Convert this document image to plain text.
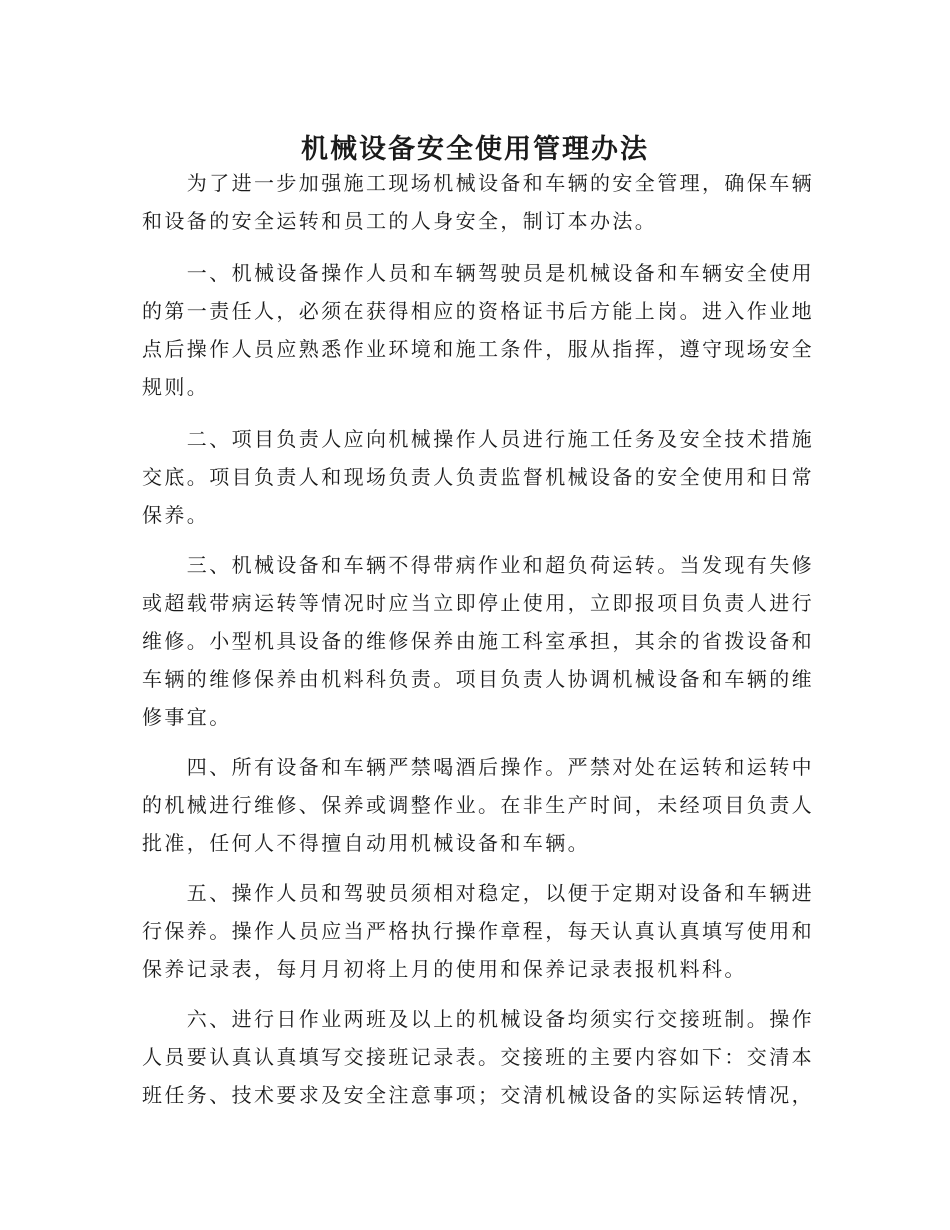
机械设备安全使用管理办法

　　为了进一步加强施工现场机械设备和车辆的安全管理，确保车辆
和设备的安全运转和员工的人身安全，制订本办法。

　　一、机械设备操作人员和车辆驾驶员是机械设备和车辆安全使用
的第一责任人，必须在获得相应的资格证书后方能上岗。进入作业地
点后操作人员应熟悉作业环境和施工条件，服从指挥，遵守现场安全
规则。

　　二、项目负责人应向机械操作人员进行施工任务及安全技术措施
交底。项目负责人和现场负责人负责监督机械设备的安全使用和日常
保养。

　　三、机械设备和车辆不得带病作业和超负荷运转。当发现有失修
或超载带病运转等情况时应当立即停止使用，立即报项目负责人进行
维修。小型机具设备的维修保养由施工科室承担，其余的省拨设备和
车辆的维修保养由机料科负责。项目负责人协调机械设备和车辆的维
修事宜。

　　四、所有设备和车辆严禁喝酒后操作。严禁对处在运转和运转中
的机械进行维修、保养或调整作业。在非生产时间，未经项目负责人
批准，任何人不得擅自动用机械设备和车辆。

　　五、操作人员和驾驶员须相对稳定，以便于定期对设备和车辆进
行保养。操作人员应当严格执行操作章程，每天认真认真填写使用和
保养记录表，每月月初将上月的使用和保养记录表报机料科。

　　六、进行日作业两班及以上的机械设备均须实行交接班制。操作
人员要认真认真填写交接班记录表。交接班的主要内容如下：交清本
班任务、技术要求及安全注意事项；交清机械设备的实际运转情况，
